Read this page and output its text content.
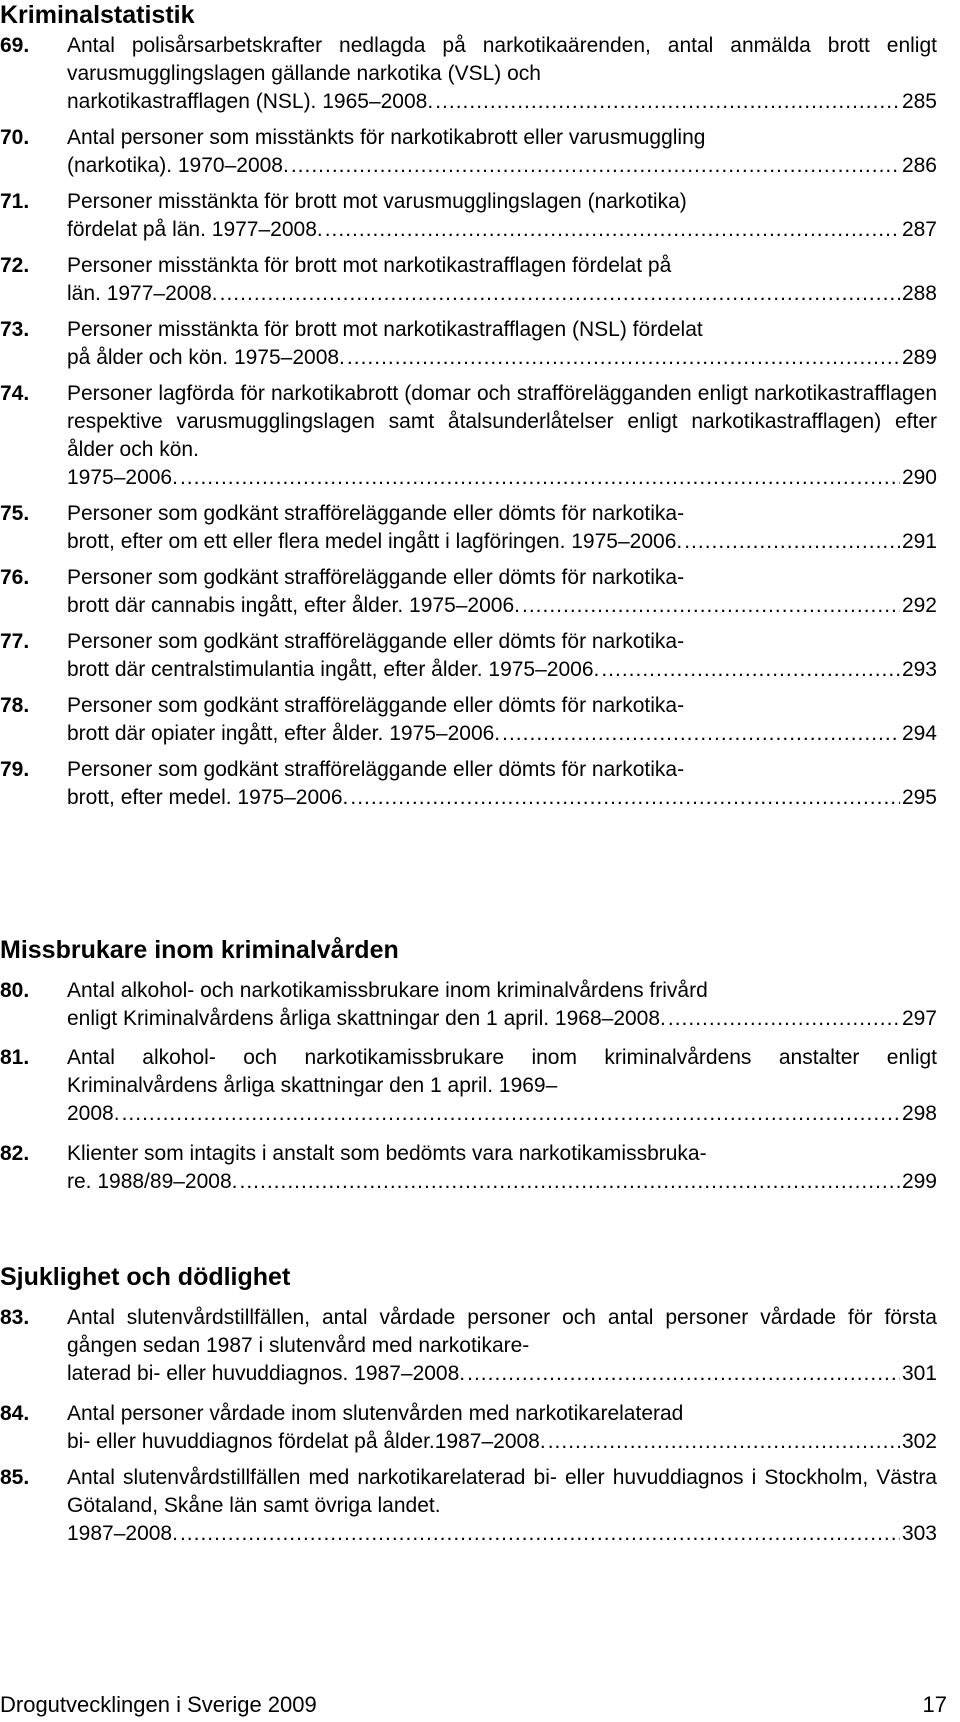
Kriminalstatistik
69. Antal polisårsarbetskrafter nedlagda på narkotikaärenden, antal anmälda brott enligt varusmugglingslagen gällande narkotika (VSL) och
narkotikastrafflagen (NSL). 1965–2008. .....	285
70. Antal personer som misstänkts för narkotikabrott eller varusmuggling
(narkotika). 1970–2008. .....	286
71. Personer misstänkta för brott mot varusmugglingslagen (narkotika)
fördelat på län. 1977–2008. .....	287
72. Personer misstänkta för brott mot narkotikastrafflagen fördelat på
län. 1977–2008. .....	288
73. Personer misstänkta för brott mot narkotikastrafflagen (NSL) fördelat
på ålder och kön. 1975–2008. .....	289
74. Personer lagförda för narkotikabrott (domar och strafförelägganden enligt narkotikastrafflagen respektive varusmugglingslagen samt åtalsunderlåtelser enligt narkotikastrafflagen) efter ålder och kön.
1975–2006. .....	290
75. Personer som godkänt strafföreläggande eller dömts för narkotika-
brott, efter om ett eller flera medel ingått i lagföringen. 1975–2006. .....	291
76. Personer som godkänt strafföreläggande eller dömts för narkotika-
brott där cannabis ingått, efter ålder. 1975–2006. .....	292
77. Personer som godkänt strafföreläggande eller dömts för narkotika-
brott där centralstimulantia ingått, efter ålder. 1975–2006. .....	293
78. Personer som godkänt strafföreläggande eller dömts för narkotika-
brott där opiater ingått, efter ålder. 1975–2006. .....	294
79. Personer som godkänt strafföreläggande eller dömts för narkotika-
brott, efter medel. 1975–2006. .....	295
Missbrukare inom kriminalvården
80. Antal alkohol- och narkotikamissbrukare inom kriminalvårdens frivård
enligt Kriminalvårdens årliga skattningar den 1 april. 1968–2008. .....	297
81. Antal alkohol- och narkotikamissbrukare inom kriminalvårdens anstalter enligt Kriminalvårdens årliga skattningar den 1 april. 1969–
2008. .....	298
82. Klienter som intagits i anstalt som bedömts vara narkotikamissbruka-
re. 1988/89–2008. .....	299
Sjuklighet och dödlighet
83. Antal slutenvårdstillfällen, antal vårdade personer och antal personer vårdade för första gången sedan 1987 i slutenvård med narkotikare-
laterad bi- eller huvuddiagnos. 1987–2008. .....	301
84. Antal personer vårdade inom slutenvården med narkotikarelaterad
bi- eller huvuddiagnos fördelat på ålder.1987–2008. .....	302
85. Antal slutenvårdstillfällen med narkotikarelaterad bi- eller huvuddiagnos i Stockholm, Västra Götaland, Skåne län samt övriga landet.
1987–2008. .....	303
Drogutvecklingen i Sverige 2009	17
